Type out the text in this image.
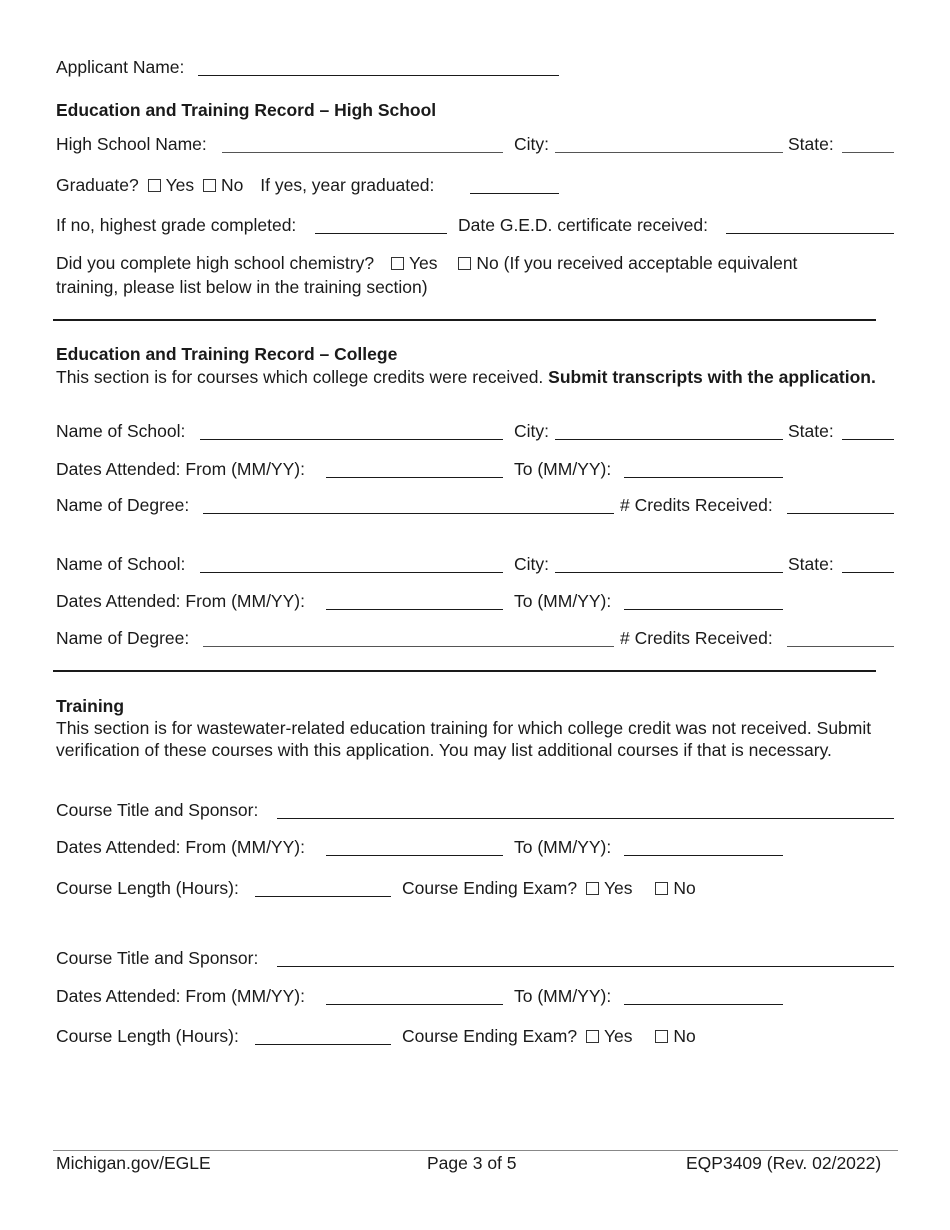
Applicant Name:
Education and Training Record – High School
High School Name:	City:	State:
Graduate? Yes No If yes, year graduated:
If no, highest grade completed:	Date G.E.D. certificate received:
Did you complete high school chemistry? Yes No (If you received acceptable equivalent
training, please list below in the training section)
Education and Training Record – College
This section is for courses which college credits were received. Submit transcripts with the application.
Name of School:	City:	State:
Dates Attended: From (MM/YY):	To (MM/YY):
Name of Degree:	# Credits Received:
Name of School:	City:	State:
Dates Attended: From (MM/YY):	To (MM/YY):
Name of Degree:	# Credits Received:
Training
This section is for wastewater-related education training for which college credit was not received. Submit verification of these courses with this application. You may list additional courses if that is necessary.
Course Title and Sponsor:
Dates Attended: From (MM/YY):	To (MM/YY):
Course Length (Hours):	Course Ending Exam? Yes No
Course Title and Sponsor:
Dates Attended: From (MM/YY):	To (MM/YY):
Course Length (Hours):	Course Ending Exam? Yes No
Michigan.gov/EGLE	Page 3 of 5	EQP3409 (Rev. 02/2022)
